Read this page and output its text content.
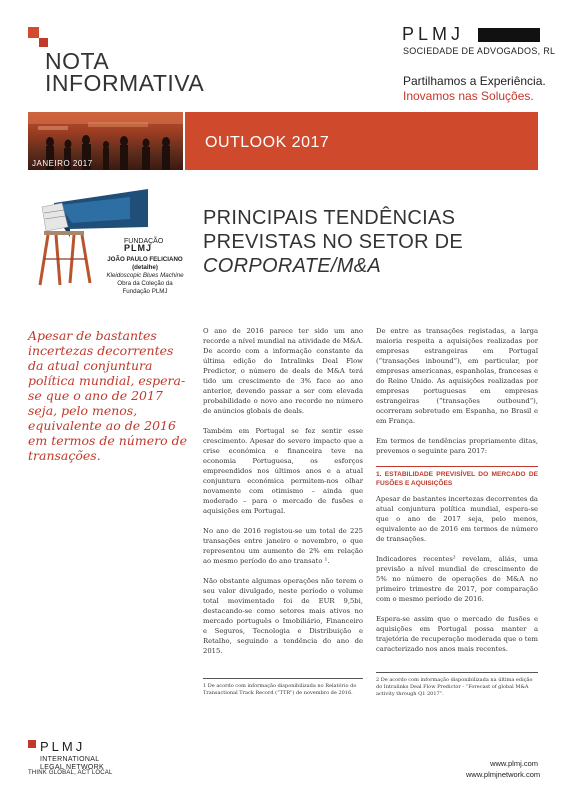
NOTA
INFORMATIVA
PLMJ
SOCIEDADE DE ADVOGADOS, RL
Partilhamos a Experiência.
Inovamos nas Soluções.
JANEIRO 2017
OUTLOOK 2017
FUNDAÇÃO
PLMJ
JOÃO PAULO FELICIANO
(detalhe)
Kleidoscopic Blues Machine
Obra da Coleção da
Fundação PLMJ
PRINCIPAIS TENDÊNCIAS
PREVISTAS NO SETOR DE
CORPORATE/M&A
Apesar de bastantes incertezas decorrentes da atual conjuntura política mundial, espera-se que o ano de 2017 seja, pelo menos, equivalente ao de 2016 em termos de número de transações.

O ano de 2016 parece ter sido um ano recorde a nível mundial na atividade de M&A. De acordo com a informação constante da última edição do Intralinks Deal Flow Predictor, o número de deals de M&A terá tido um crescimento de 3% face ao ano anterior, devendo passar a ser com elevada probabilidade o novo ano recorde no número de anúncios globais de deals.

Também em Portugal se fez sentir esse crescimento. Apesar do severo impacto que a crise económica e financeira teve na economia Portuguesa, os esforços empreendidos nos últimos anos e a atual conjuntura económica permitem-nos olhar novamente com otimismo – ainda que moderado – para o mercado de fusões e aquisições em Portugal.

No ano de 2016 registou-se um total de 225 transações entre janeiro e novembro, o que representou um aumento de 2% em relação ao mesmo período do ano transato ¹.

Não obstante algumas operações não terem o seu valor divulgado, neste período o volume total movimentado foi de EUR 9,5bi, destacando-se como setores mais ativos no mercado português o Imobiliário, Financeiro e Seguros, Tecnologia e Distribuição e Retalho, seguindo a tendência do ano de 2015.

De entre as transações registadas, a larga maioria respeita a aquisições realizadas por empresas estrangeiras em Portugal (“transações inbound”), em particular, por empresas americanas, espanholas, francesas e do Reino Unido. As aquisições realizadas por empresas portuguesas em empresas estrangeiras (“transações outbound”), ocorreram sobretudo em Espanha, no Brasil e em França.

Em termos de tendências propriamente ditas, prevemos o seguinte para 2017:

1. ESTABILIDADE PREVISÍVEL DO MERCADO DE FUSÕES E AQUISIÇÕES

Apesar de bastantes incertezas decorrentes da atual conjuntura política mundial, espera-se que o ano de 2017 seja, pelo menos, equivalente ao de 2016 em termos de número de transações.

Indicadores recentes² revelam, aliás, uma previsão a nível mundial de crescimento de 5% no número de operações de M&A no primeiro trimestre de 2017, por comparação com o mesmo período de 2016.

Espera-se assim que o mercado de fusões e aquisições em Portugal possa manter a trajetória de recuperação moderada que o tem caracterizado nos anos mais recentes.

1 De acordo com informação disponibilizada no Relatório do Transactional Track Record (“TTR”) de novembro de 2016.
2 De acordo com informação disponibilizada na última edição do Intralinks Deal Flow Predictor - “Forecast of global M&A activity through Q1 2017”.
PLMJ
INTERNATIONAL
LEGAL NETWORK
THINK GLOBAL, ACT LOCAL
www.plmj.com
www.plmjnetwork.com
